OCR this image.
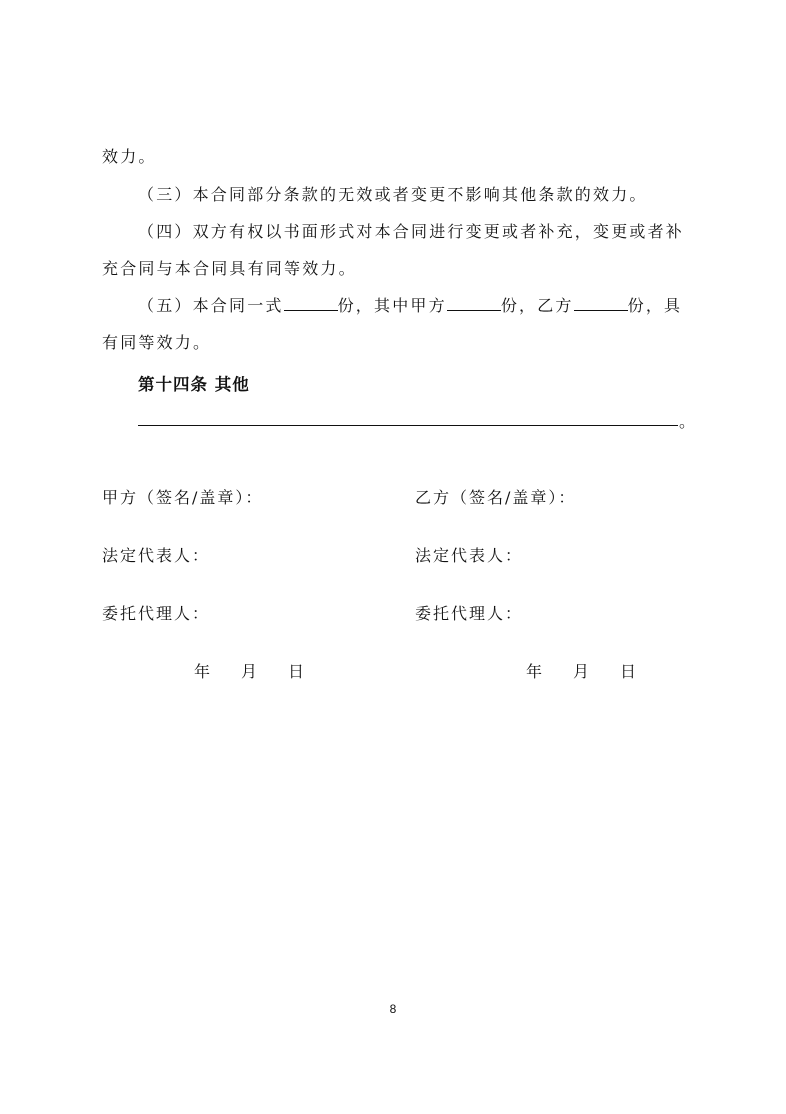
效力。
（三）本合同部分条款的无效或者变更不影响其他条款的效力。
（四）双方有权以书面形式对本合同进行变更或者补充，变更或者补
充合同与本合同具有同等效力。
（五）本合同一式	份，其中甲方	份，乙方	份，具
有同等效力。
第十四条 其他
。
甲方（签名/盖章）：	乙方（签名/盖章）：
法定代表人：	法定代表人：
委托代理人：	委托代理人：
年 月 日	年 月 日
8
